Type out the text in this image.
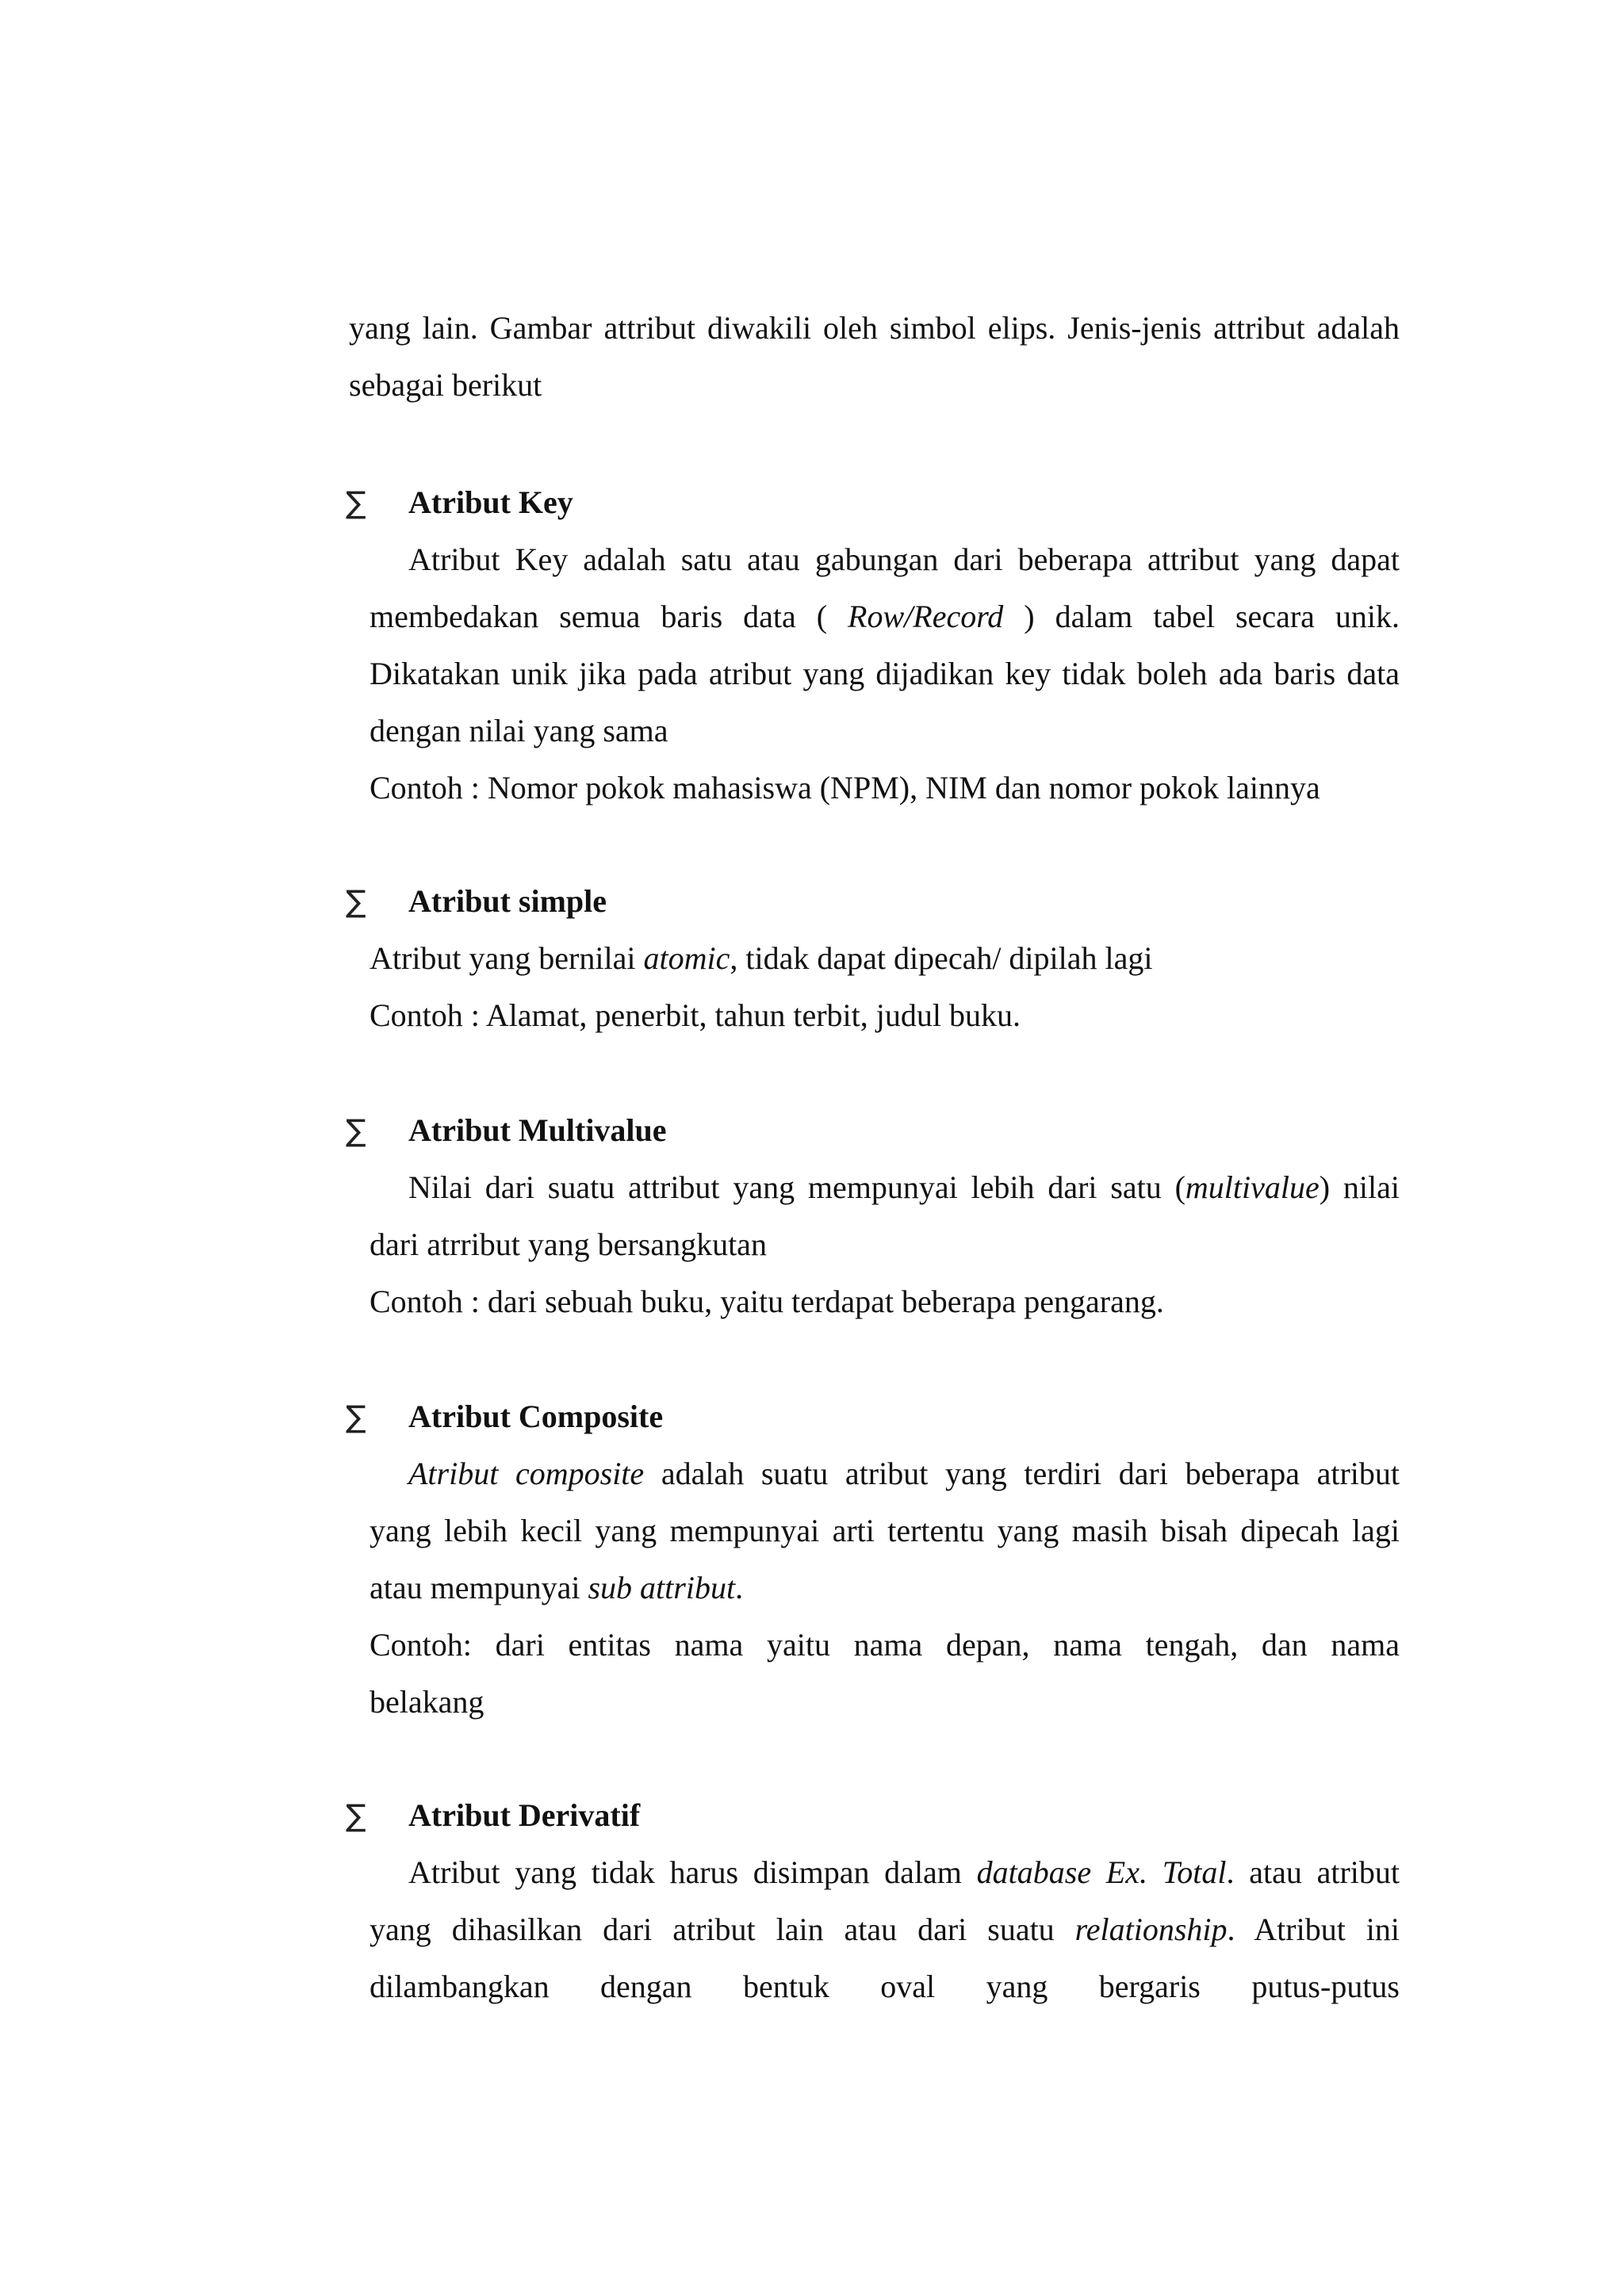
yang lain. Gambar attribut diwakili oleh simbol elips. Jenis-jenis attribut adalah
sebagai berikut
∑ Atribut Key
Atribut Key adalah satu atau gabungan dari beberapa attribut yang dapat
membedakan semua baris data ( Row/Record ) dalam tabel secara unik.
Dikatakan unik jika pada atribut yang dijadikan key tidak boleh ada baris data
dengan nilai yang sama
Contoh : Nomor pokok mahasiswa (NPM), NIM dan nomor pokok lainnya
∑ Atribut simple
Atribut yang bernilai atomic, tidak dapat dipecah/ dipilah lagi
Contoh : Alamat, penerbit, tahun terbit, judul buku.
∑ Atribut Multivalue
Nilai dari suatu attribut yang mempunyai lebih dari satu (multivalue) nilai
dari atrribut yang bersangkutan
Contoh : dari sebuah buku, yaitu terdapat beberapa pengarang.
∑ Atribut Composite
Atribut composite adalah suatu atribut yang terdiri dari beberapa atribut
yang lebih kecil yang mempunyai arti tertentu yang masih bisah dipecah lagi
atau mempunyai sub attribut.
Contoh: dari entitas nama yaitu nama depan, nama tengah, dan nama
belakang
∑ Atribut Derivatif
Atribut yang tidak harus disimpan dalam database Ex. Total. atau atribut
yang dihasilkan dari atribut lain atau dari suatu relationship. Atribut ini
dilambangkan dengan bentuk oval yang bergaris putus-putus
